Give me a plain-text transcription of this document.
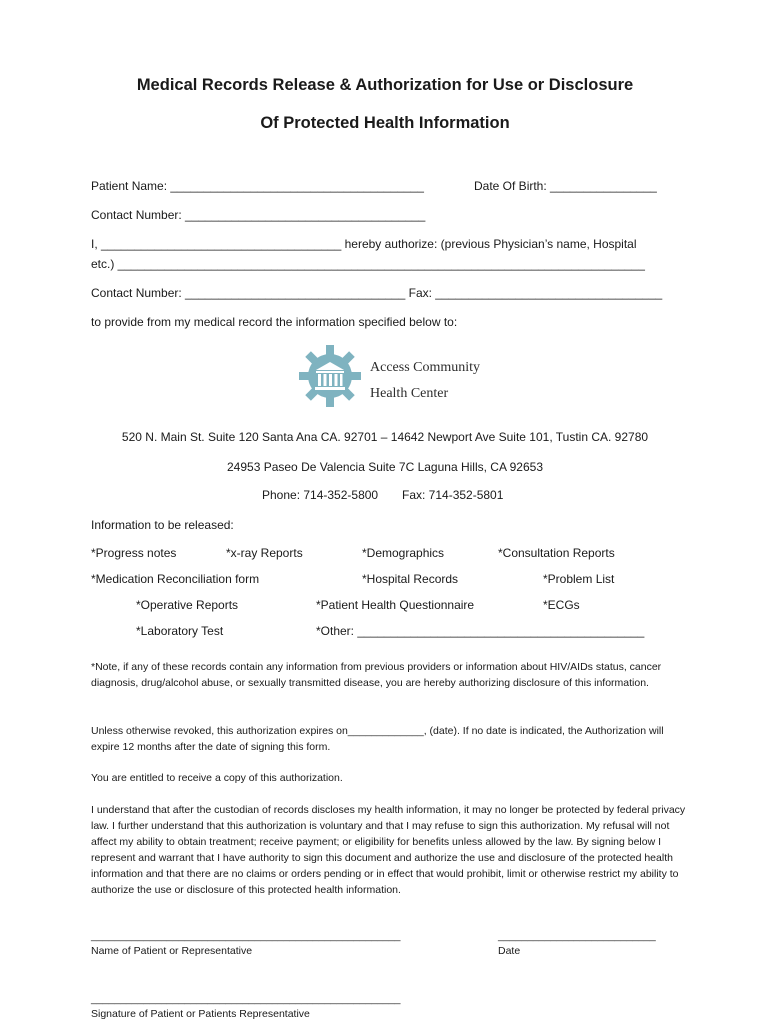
Medical Records Release & Authorization for Use or Disclosure
Of Protected Health Information
Patient Name: ______________________________________	Date Of Birth: ________________
Contact Number: ____________________________________
I, ____________________________________ hereby authorize: (previous Physician’s name, Hospital
etc.) _______________________________________________________________________________
Contact Number: _________________________________ Fax: __________________________________
to provide from my medical record the information specified below to:
Access Community
Health Center
520 N. Main St. Suite 120 Santa Ana CA. 92701 – 14642 Newport Ave Suite 101, Tustin CA. 92780
24953 Paseo De Valencia Suite 7C Laguna Hills, CA 92653
Phone: 714-352-5800 Fax: 714-352-5801
Information to be released:
*Progress notes	*x-ray Reports	*Demographics	*Consultation Reports
*Medication Reconciliation form	*Hospital Records	*Problem List
*Operative Reports	*Patient Health Questionnaire	*ECGs
*Laboratory Test	*Other: ___________________________________________
*Note, if any of these records contain any information from previous providers or information about HIV/AIDs status, cancer diagnosis, drug/alcohol abuse, or sexually transmitted disease, you are hereby authorizing disclosure of this information.
Unless otherwise revoked, this authorization expires on_____________, (date). If no date is indicated, the Authorization will expire 12 months after the date of signing this form.
You are entitled to receive a copy of this authorization.
I understand that after the custodian of records discloses my health information, it may no longer be protected by federal privacy law. I further understand that this authorization is voluntary and that I may refuse to sign this authorization. My refusal will not affect my ability to obtain treatment; receive payment; or eligibility for benefits unless allowed by the law. By signing below I represent and warrant that I have authority to sign this document and authorize the use and disclosure of the protected health information and that there are no claims or orders pending or in effect that would prohibit, limit or otherwise restrict my ability to authorize the use or disclosure of this protected health information.
_____________________________________________________
Name of Patient or Representative
___________________________
Date
_____________________________________________________
Signature of Patient or Patients Representative
